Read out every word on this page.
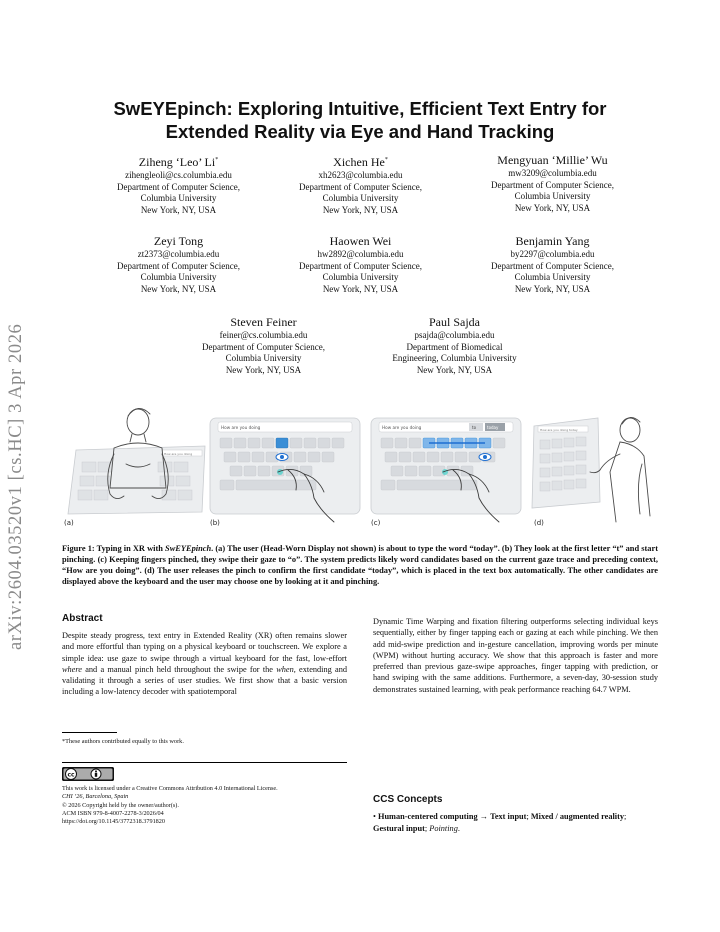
arXiv:2604.03520v1 [cs.HC] 3 Apr 2026
SwEYEpinch: Exploring Intuitive, Efficient Text Entry for
Extended Reality via Eye and Hand Tracking
Ziheng ‘Leo’ Li*
zihengleoli@cs.columbia.edu
Department of Computer Science,
Columbia University
New York, NY, USA
Xichen He*
xh2623@columbia.edu
Department of Computer Science,
Columbia University
New York, NY, USA
Mengyuan ‘Millie’ Wu
mw3209@columbia.edu
Department of Computer Science,
Columbia University
New York, NY, USA
Zeyi Tong
zt2373@columbia.edu
Department of Computer Science,
Columbia University
New York, NY, USA
Haowen Wei
hw2892@columbia.edu
Department of Computer Science,
Columbia University
New York, NY, USA
Benjamin Yang
by2297@columbia.edu
Department of Computer Science,
Columbia University
New York, NY, USA
Steven Feiner
feiner@cs.columbia.edu
Department of Computer Science,
Columbia University
New York, NY, USA
Paul Sajda
psajda@columbia.edu
Department of Biomedical
Engineering, Columbia University
New York, NY, USA
How are you doing
(a)
How are you doing
(b)
How are you doing	to	today
(c)
How are you doing today
(d)
Figure 1: Typing in XR with SwEYEpinch. (a) The user (Head-Worn Display not shown) is about to type the word “today”. (b) They look at the first letter “t” and start pinching. (c) Keeping fingers pinched, they swipe their gaze to “o”. The system predicts likely word candidates based on the current gaze trace and preceding context, “How are you doing”. (d) The user releases the pinch to confirm the first candidate “today”, which is placed in the text box automatically. The other candidates are displayed above the keyboard and the user may choose one by looking at it and pinching.
Abstract
Despite steady progress, text entry in Extended Reality (XR) often remains slower and more effortful than typing on a physical keyboard or touchscreen. We explore a simple idea: use gaze to swipe through a virtual keyboard for the fast, low-effort where and a manual pinch held throughout the swipe for the when, extending and validating it through a series of user studies. We first show that a basic version including a low-latency decoder with spatiotemporal
Dynamic Time Warping and fixation filtering outperforms selecting individual keys sequentially, either by finger tapping each or gazing at each while pinching. We then add mid-swipe prediction and in-gesture cancellation, improving words per minute (WPM) without hurting accuracy. We show that this approach is faster and more preferred than previous gaze-swipe approaches, finger tapping with prediction, or hand swiping with the same additions. Furthermore, a seven-day, 30-session study demonstrates sustained learning, with peak performance reaching 64.7 WPM.
*These authors contributed equally to this work.
cc
This work is licensed under a Creative Commons Attribution 4.0 International License.
CHI ’26, Barcelona, Spain
© 2026 Copyright held by the owner/author(s).
ACM ISBN 979-8-4007-2278-3/2026/04
https://doi.org/10.1145/3772318.3791820
CCS Concepts
• Human-centered computing → Text input; Mixed / augmented reality; Gestural input; Pointing.
